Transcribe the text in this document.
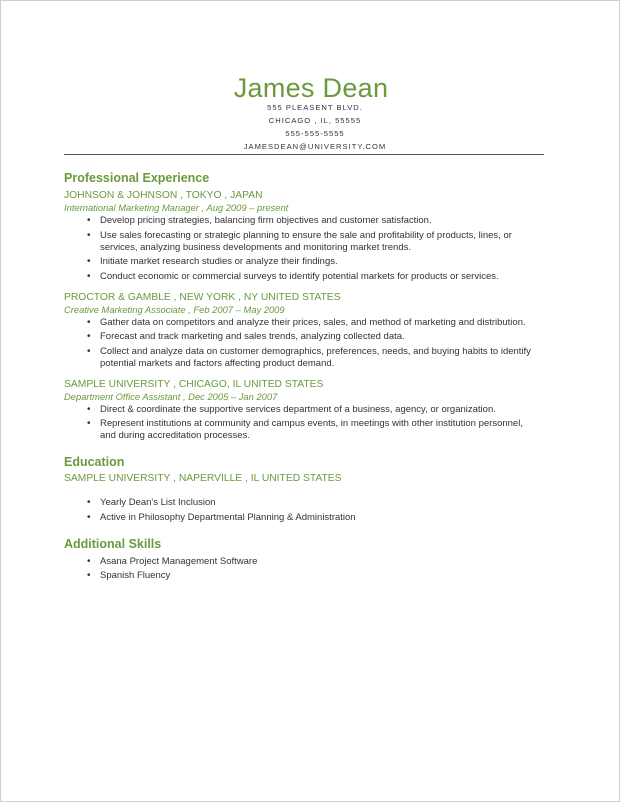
James Dean
555 PLEASENT BLVD.
CHICAGO , IL, 55555
555-555-5555
JAMESDEAN@UNIVERSITY.COM
Professional Experience
JOHNSON & JOHNSON , TOKYO , JAPAN
International Marketing Manager , Aug 2009 – present
• Develop pricing strategies, balancing firm objectives and customer satisfaction.
• Use sales forecasting or strategic planning to ensure the sale and profitability of products, lines, or services, analyzing business developments and monitoring market trends.
• Initiate market research studies or analyze their findings.
• Conduct economic or commercial surveys to identify potential markets for products or services.
PROCTOR & GAMBLE , NEW YORK , NY UNITED STATES
Creative Marketing Associate , Feb 2007 – May 2009
• Gather data on competitors and analyze their prices, sales, and method of marketing and distribution.
• Forecast and track marketing and sales trends, analyzing collected data.
• Collect and analyze data on customer demographics, preferences, needs, and buying habits to identify potential markets and factors affecting product demand.
SAMPLE UNIVERSITY , CHICAGO, IL UNITED STATES
Department Office Assistant , Dec 2005 – Jan 2007
• Direct & coordinate the supportive services department of a business, agency, or organization.
• Represent institutions at community and campus events, in meetings with other institution personnel, and during accreditation processes.
Education
SAMPLE UNIVERSITY , NAPERVILLE , IL UNITED STATES
• Yearly Dean's List Inclusion
• Active in Philosophy Departmental Planning & Administration
Additional Skills
• Asana Project Management Software
• Spanish Fluency
